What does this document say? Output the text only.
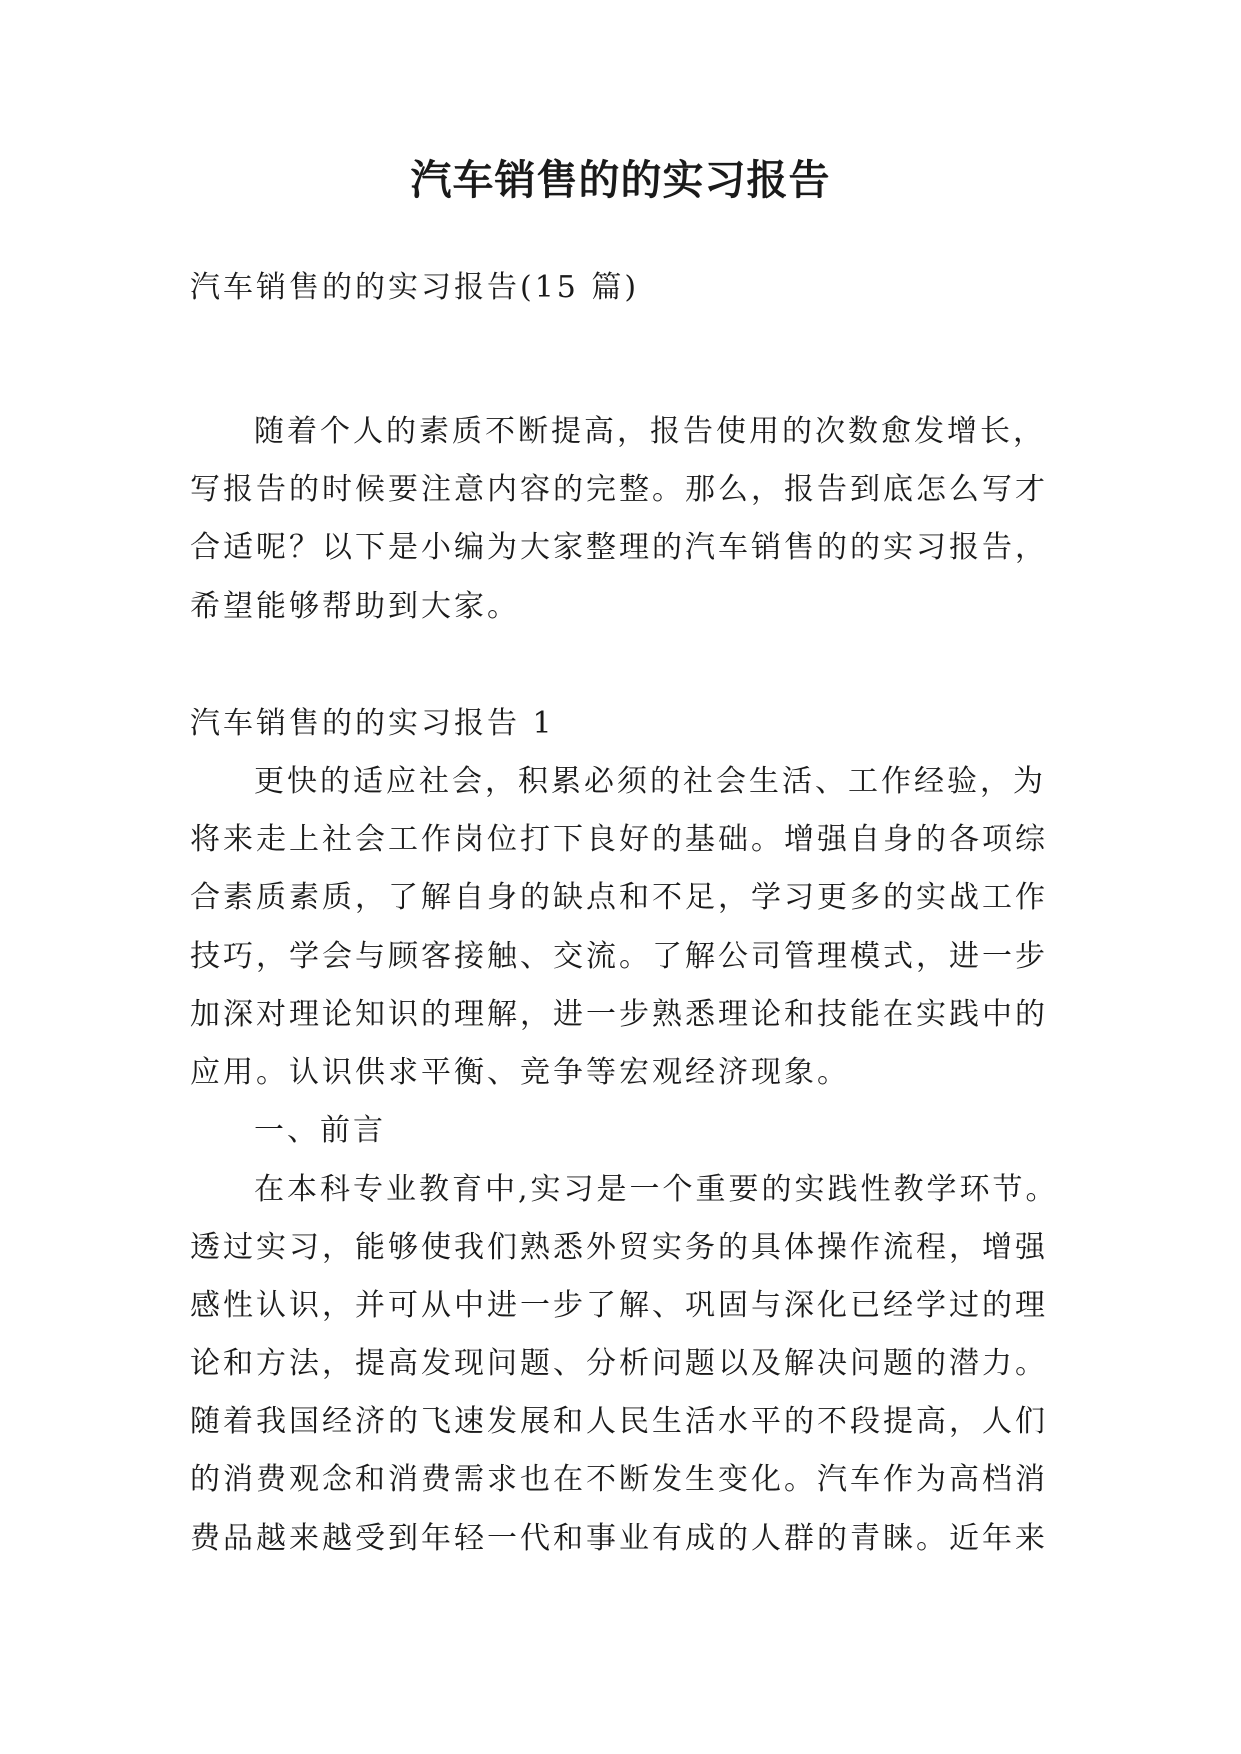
汽车销售的的实习报告

汽车销售的的实习报告(15 篇)

随着个人的素质不断提高，报告使用的次数愈发增长，

写报告的时候要注意内容的完整。那么，报告到底怎么写才

合适呢？以下是小编为大家整理的汽车销售的的实习报告，

希望能够帮助到大家。

汽车销售的的实习报告 1

更快的适应社会，积累必须的社会生活、工作经验，为

将来走上社会工作岗位打下良好的基础。增强自身的各项综

合素质素质，了解自身的缺点和不足，学习更多的实战工作

技巧，学会与顾客接触、交流。了解公司管理模式，进一步

加深对理论知识的理解，进一步熟悉理论和技能在实践中的

应用。认识供求平衡、竞争等宏观经济现象。

一、前言

在本科专业教育中,实习是一个重要的实践性教学环节。

透过实习，能够使我们熟悉外贸实务的具体操作流程，增强

感性认识，并可从中进一步了解、巩固与深化已经学过的理

论和方法，提高发现问题、分析问题以及解决问题的潜力。

随着我国经济的飞速发展和人民生活水平的不段提高，人们

的消费观念和消费需求也在不断发生变化。汽车作为高档消

费品越来越受到年轻一代和事业有成的人群的青睐。近年来
